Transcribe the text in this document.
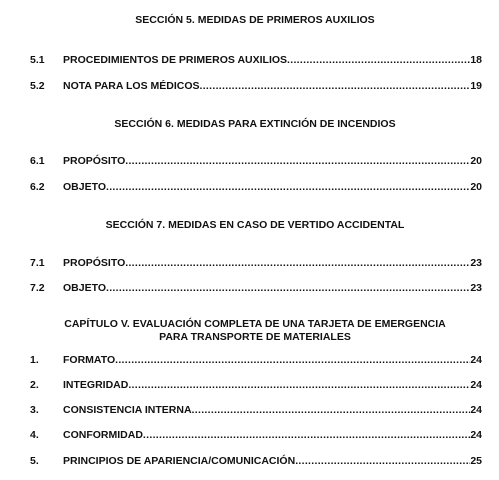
SECCIÓN 5. MEDIDAS DE PRIMEROS AUXILIOS
5.1 PROCEDIMIENTOS DE PRIMEROS AUXILIOS .....	18
5.2 NOTA PARA LOS MÉDICOS .....	19
SECCIÓN 6. MEDIDAS PARA EXTINCIÓN DE INCENDIOS
6.1 PROPÓSITO .....	20
6.2 OBJETO .....	20
SECCIÓN 7. MEDIDAS EN CASO DE VERTIDO ACCIDENTAL
7.1 PROPÓSITO .....	23
7.2 OBJETO .....	23
CAPÍTULO V. EVALUACIÓN COMPLETA DE UNA TARJETA DE EMERGENCIA
PARA TRANSPORTE DE MATERIALES
1. FORMATO .....	24
2. INTEGRIDAD .....	24
3. CONSISTENCIA INTERNA .....	24
4. CONFORMIDAD .....	24
5. PRINCIPIOS DE APARIENCIA/COMUNICACIÓN .....	25
